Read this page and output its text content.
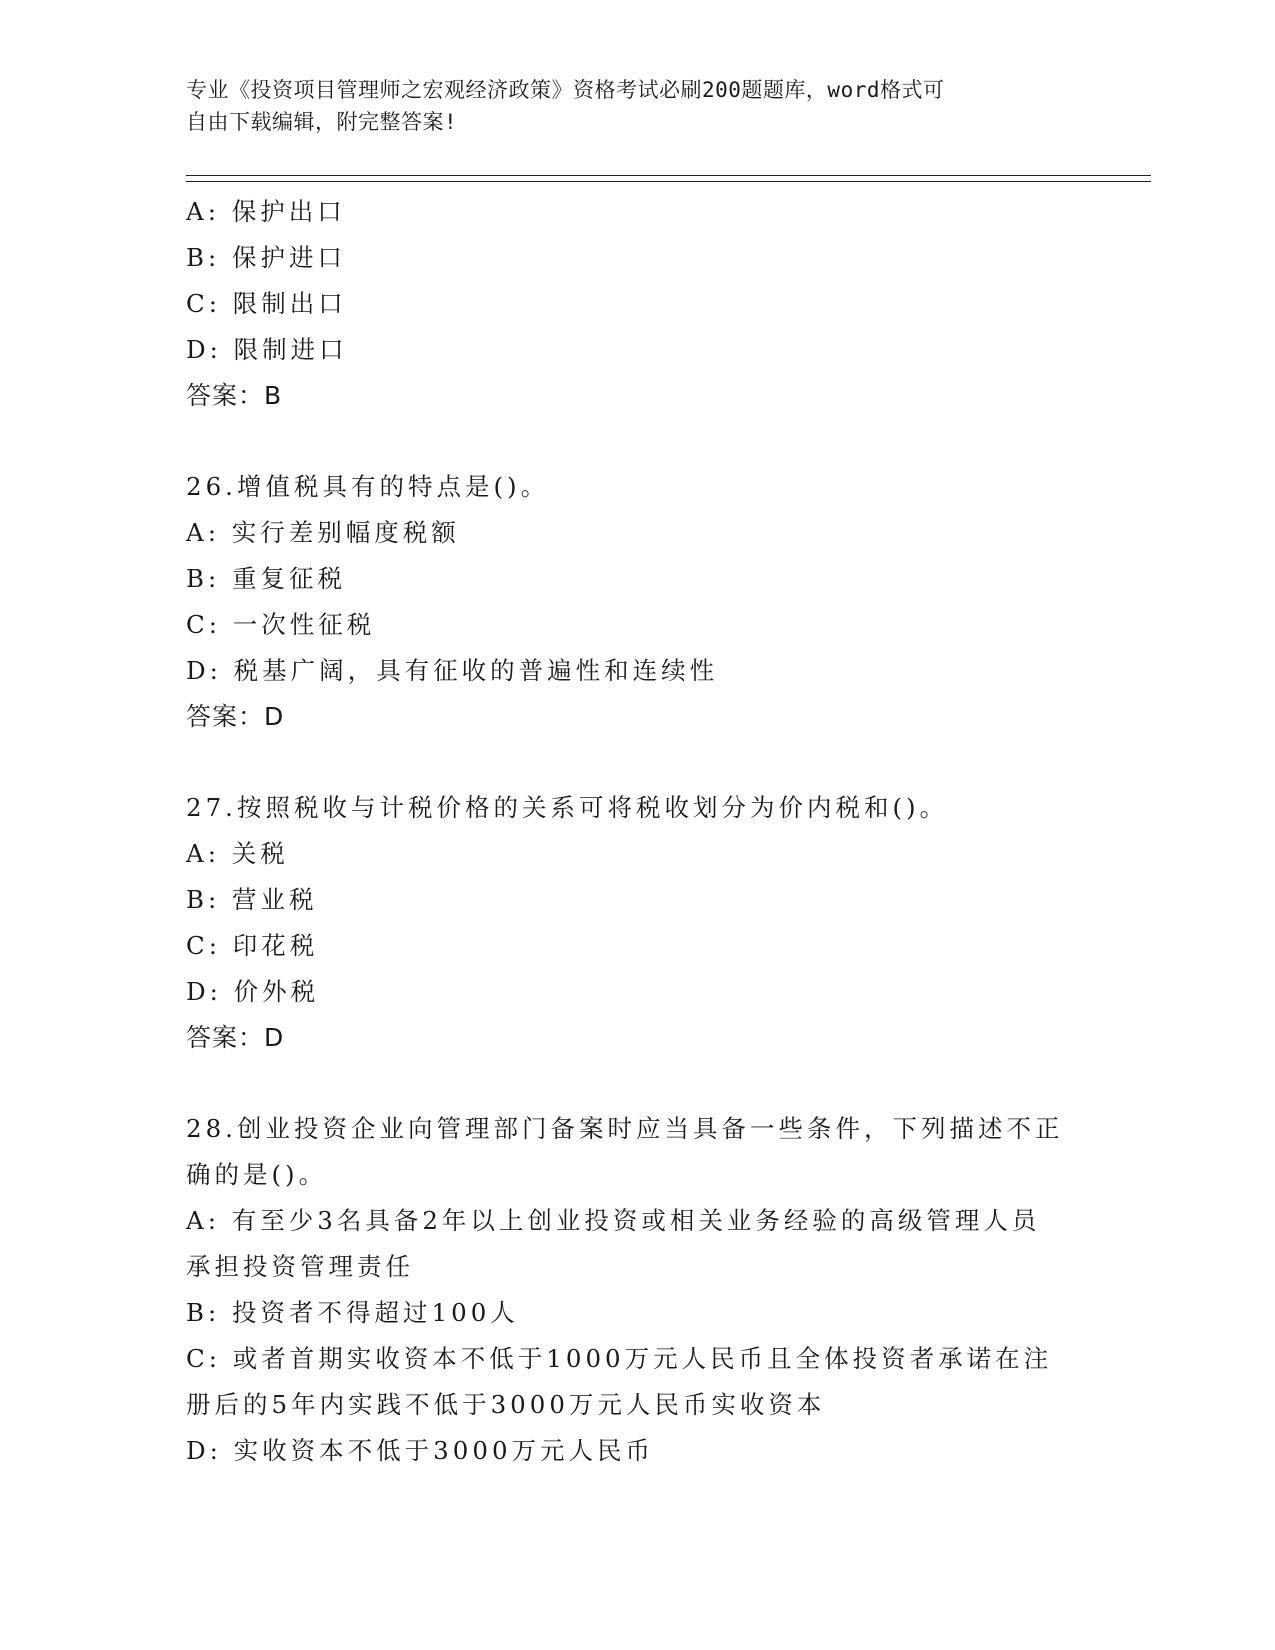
专业《投资项目管理师之宏观经济政策》资格考试必刷200题题库，word格式可
自由下载编辑，附完整答案!
A: 保护出口
B: 保护进口
C: 限制出口
D: 限制进口
答案：B
26.增值税具有的特点是()。
A: 实行差别幅度税额
B: 重复征税
C: 一次性征税
D: 税基广阔，具有征收的普遍性和连续性
答案：D
27.按照税收与计税价格的关系可将税收划分为价内税和()。
A: 关税
B: 营业税
C: 印花税
D: 价外税
答案：D
28.创业投资企业向管理部门备案时应当具备一些条件，下列描述不正
确的是()。
A: 有至少3名具备2年以上创业投资或相关业务经验的高级管理人员
承担投资管理责任
B: 投资者不得超过100人
C: 或者首期实收资本不低于1000万元人民币且全体投资者承诺在注
册后的5年内实践不低于3000万元人民币实收资本
D: 实收资本不低于3000万元人民币
